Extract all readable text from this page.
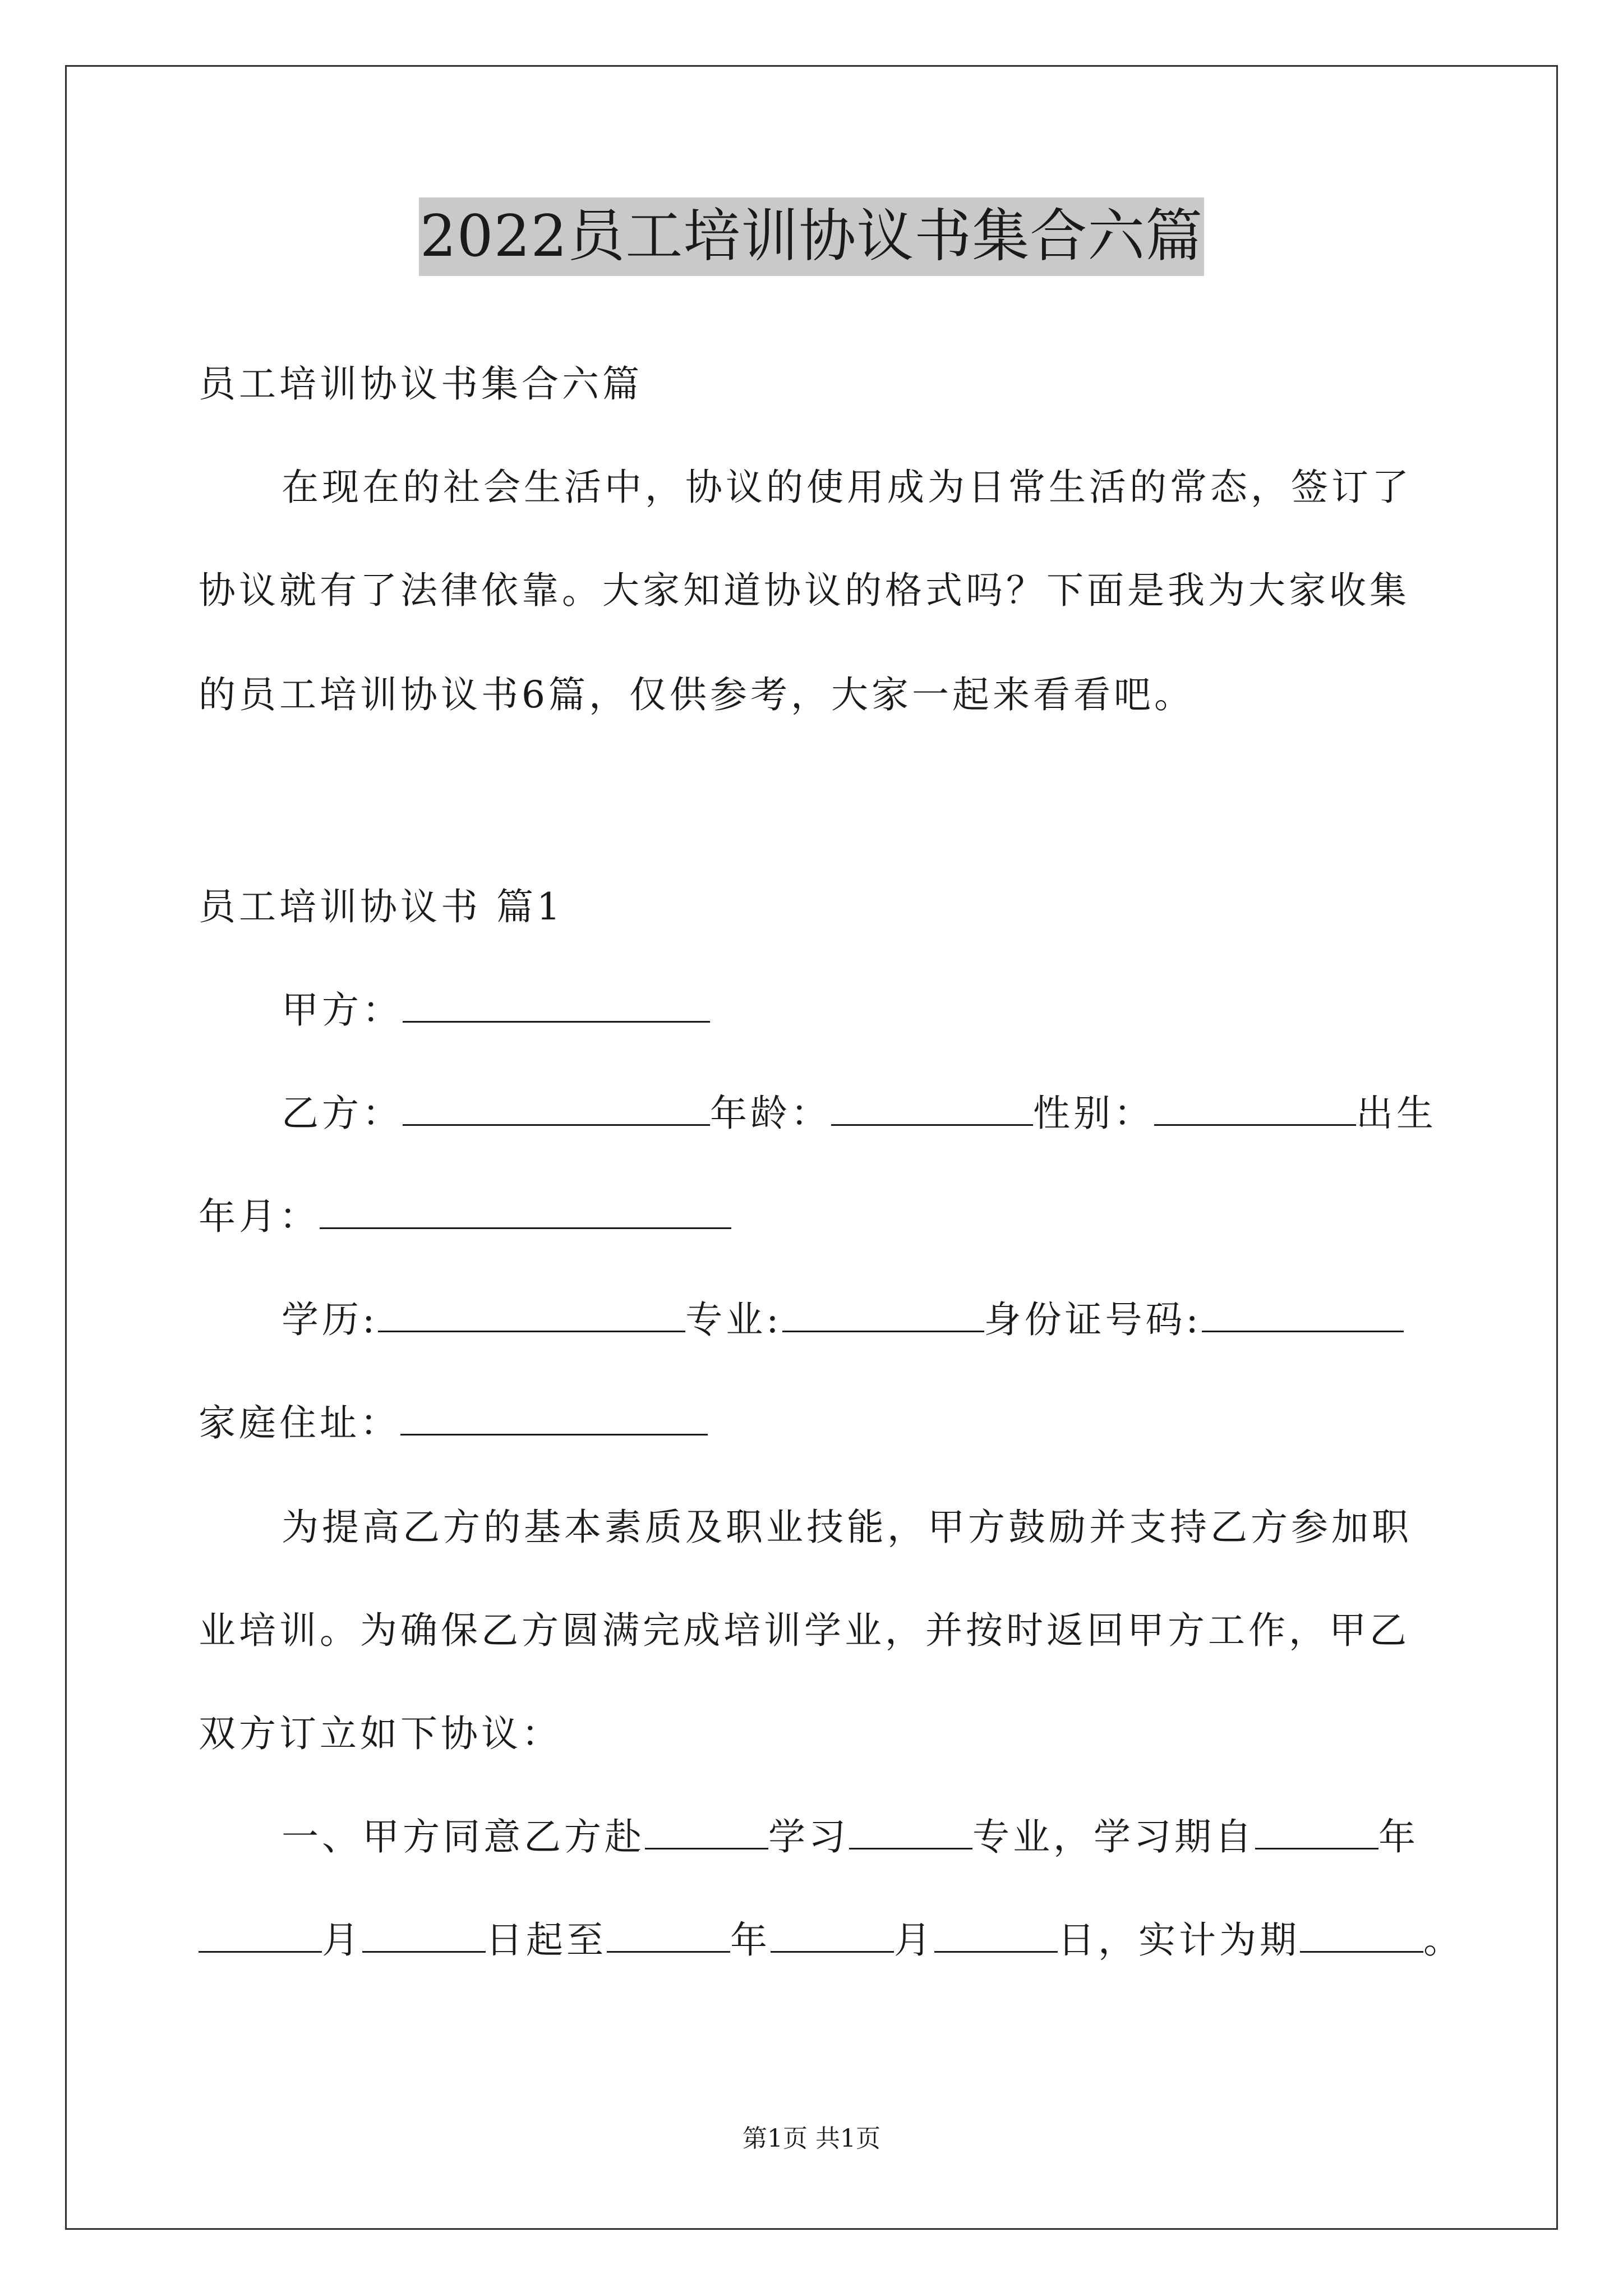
2022员工培训协议书集合六篇
员工培训协议书集合六篇
在现在的社会生活中，协议的使用成为日常生活的常态，签订了
协议就有了法律依靠。大家知道协议的格式吗？下面是我为大家收集
的员工培训协议书6篇，仅供参考，大家一起来看看吧。
员工培训协议书 篇1
甲方：
乙方：	年龄：	性别：	出生
年月：
学历:	专业:	身份证号码:
家庭住址：
为提高乙方的基本素质及职业技能，甲方鼓励并支持乙方参加职
业培训。为确保乙方圆满完成培训学业，并按时返回甲方工作，甲乙
双方订立如下协议：
一、甲方同意乙方赴	学习	专业，学习期自	年
月	日起至	年	月	日，实计为期	。
第1页 共1页
